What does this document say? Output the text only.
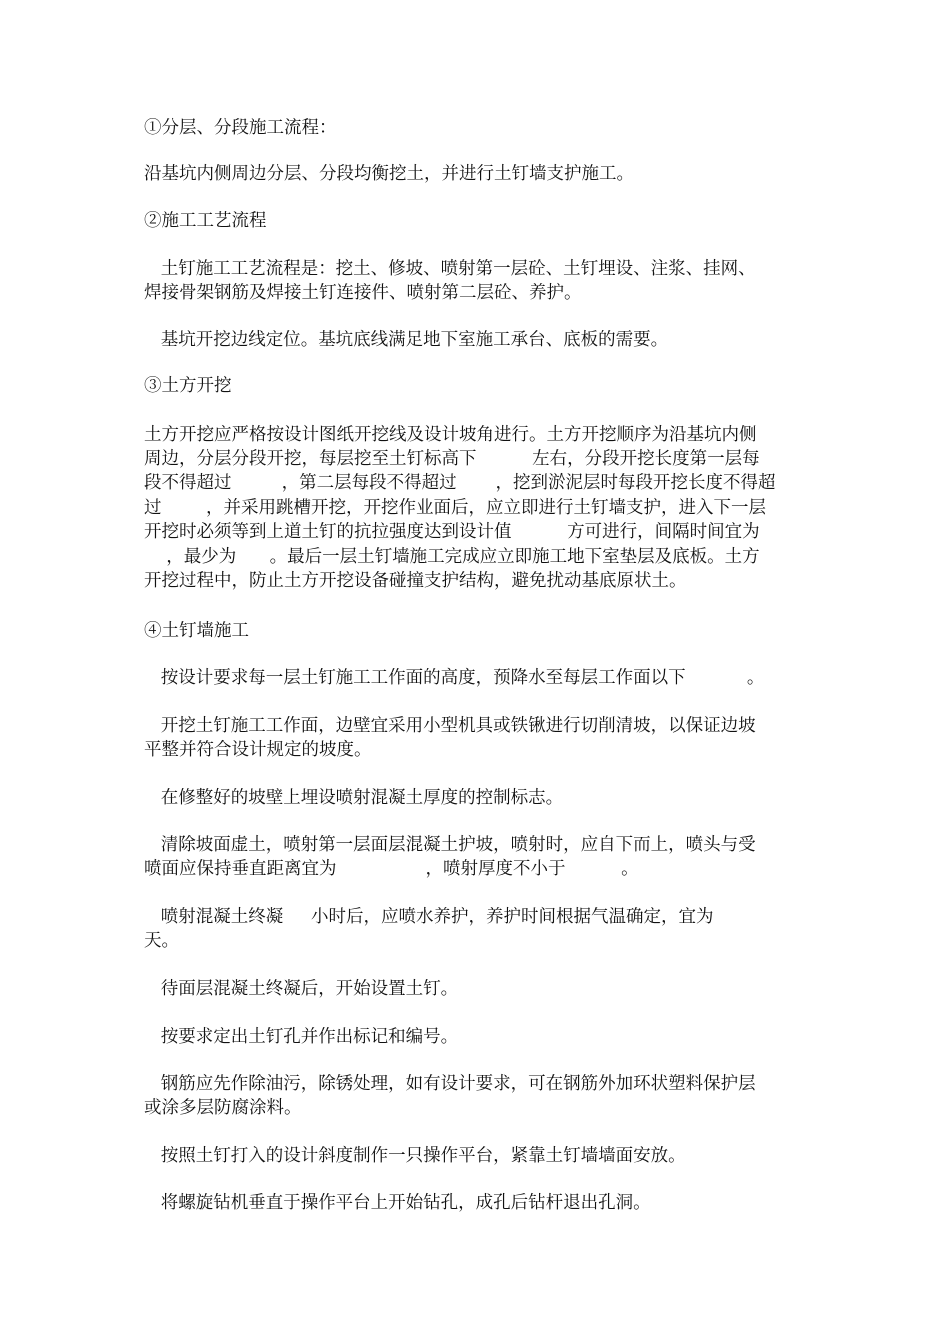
①分层、分段施工流程：
沿基坑内侧周边分层、分段均衡挖土，并进行土钉墙支护施工。
②施工工艺流程
土钉施工工艺流程是：挖土、修坡、喷射第一层砼、土钉埋设、注浆、挂网、
焊接骨架钢筋及焊接土钉连接件、喷射第二层砼、养护。
基坑开挖边线定位。基坑底线满足地下室施工承台、底板的需要。
③土方开挖
土方开挖应严格按设计图纸开挖线及设计坡角进行。土方开挖顺序为沿基坑内侧
周边，分层分段开挖，每层挖至土钉标高下          左右，分段开挖长度第一层每
段不得超过         ，第二层每段不得超过       ，挖到淤泥层时每段开挖长度不得超
过        ，并采用跳槽开挖，开挖作业面后，应立即进行土钉墙支护，进入下一层
开挖时必须等到上道土钉的抗拉强度达到设计值          方可进行，间隔时间宜为
，最少为      。最后一层土钉墙施工完成应立即施工地下室垫层及底板。土方
开挖过程中，防止土方开挖设备碰撞支护结构，避免扰动基底原状土。
④土钉墙施工
按设计要求每一层土钉施工工作面的高度，预降水至每层工作面以下           。
开挖土钉施工工作面，边壁宜采用小型机具或铁锹进行切削清坡，以保证边坡
平整并符合设计规定的坡度。
在修整好的坡壁上埋设喷射混凝土厚度的控制标志。
清除坡面虚土，喷射第一层面层混凝土护坡，喷射时，应自下而上，喷头与受
喷面应保持垂直距离宜为                ，喷射厚度不小于          。
喷射混凝土终凝     小时后，应喷水养护，养护时间根据气温确定，宜为
天。
待面层混凝土终凝后，开始设置土钉。
按要求定出土钉孔并作出标记和编号。
钢筋应先作除油污，除锈处理，如有设计要求，可在钢筋外加环状塑料保护层
或涂多层防腐涂料。
按照土钉打入的设计斜度制作一只操作平台，紧靠土钉墙墙面安放。
将螺旋钻机垂直于操作平台上开始钻孔，成孔后钻杆退出孔洞。
